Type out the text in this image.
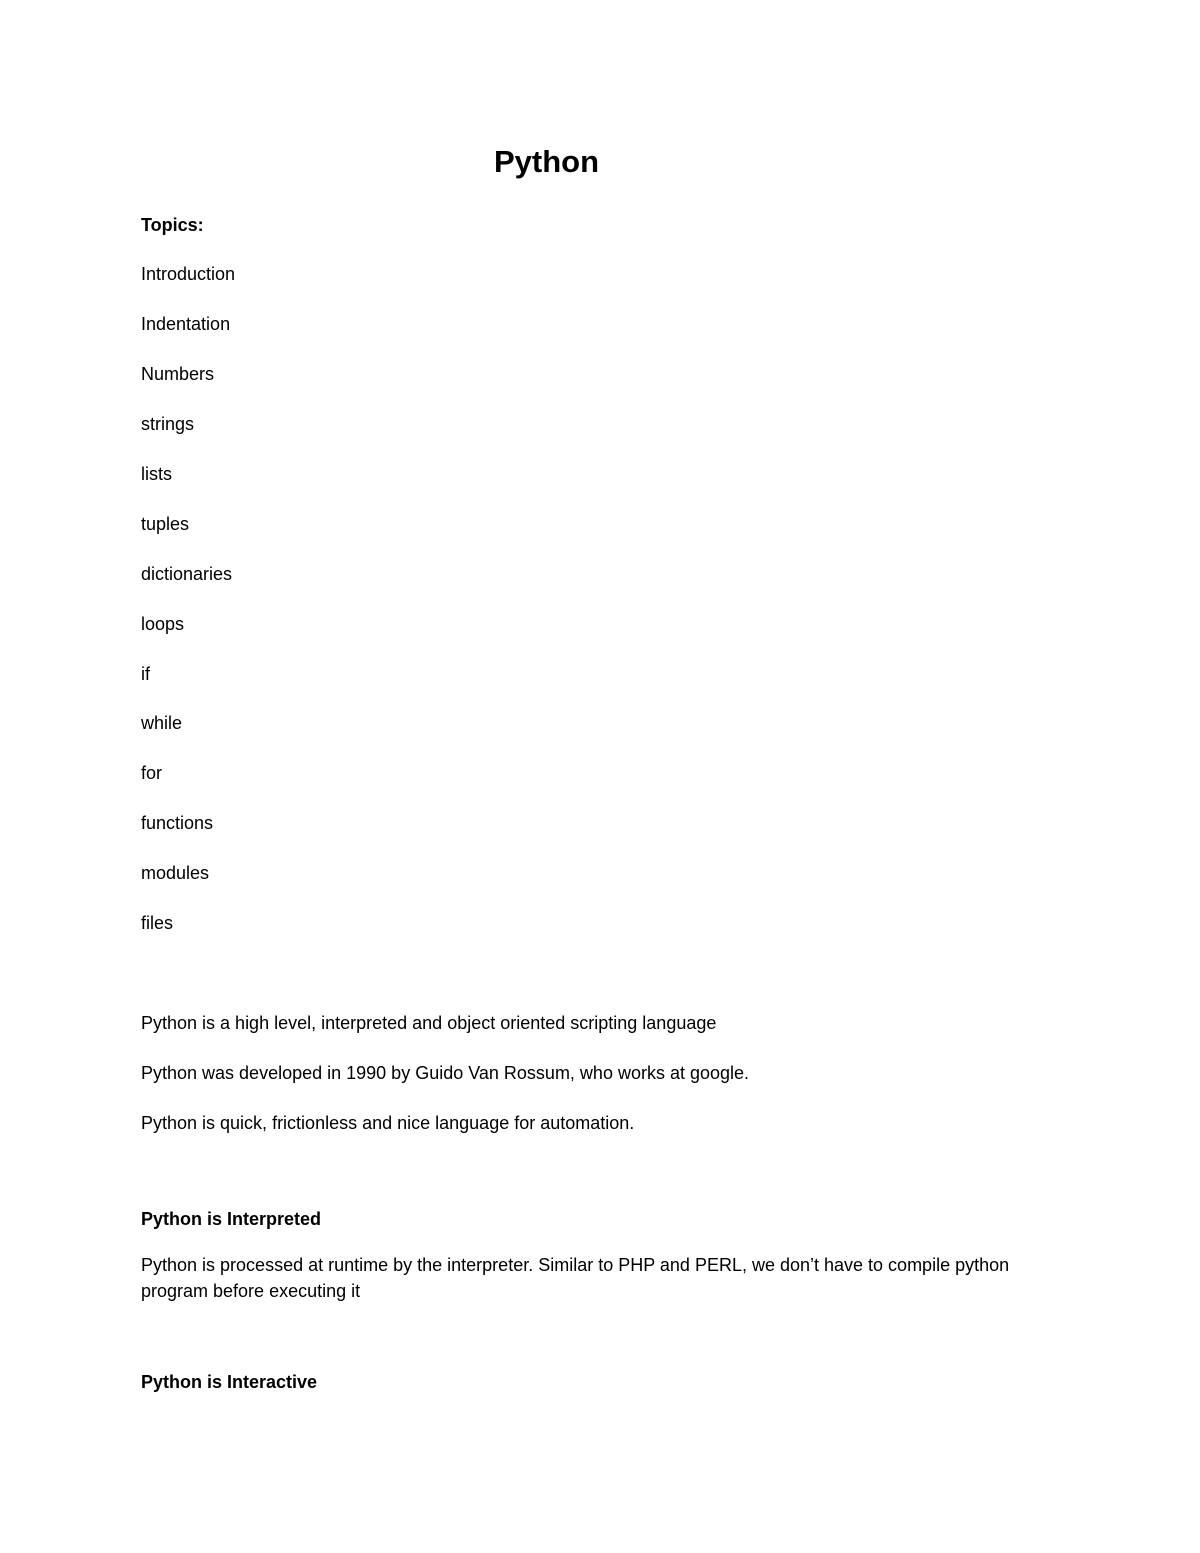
Python

Topics:

Introduction
Indentation
Numbers
strings
lists
tuples
dictionaries
loops
if
while
for
functions
modules
files

Python is a high level, interpreted and object oriented scripting language

Python was developed in 1990 by Guido Van Rossum, who works at google.

Python is quick, frictionless and nice language for automation.

Python is Interpreted

Python is processed at runtime by the interpreter. Similar to PHP and PERL, we don’t have to compile python program before executing it

Python is Interactive
